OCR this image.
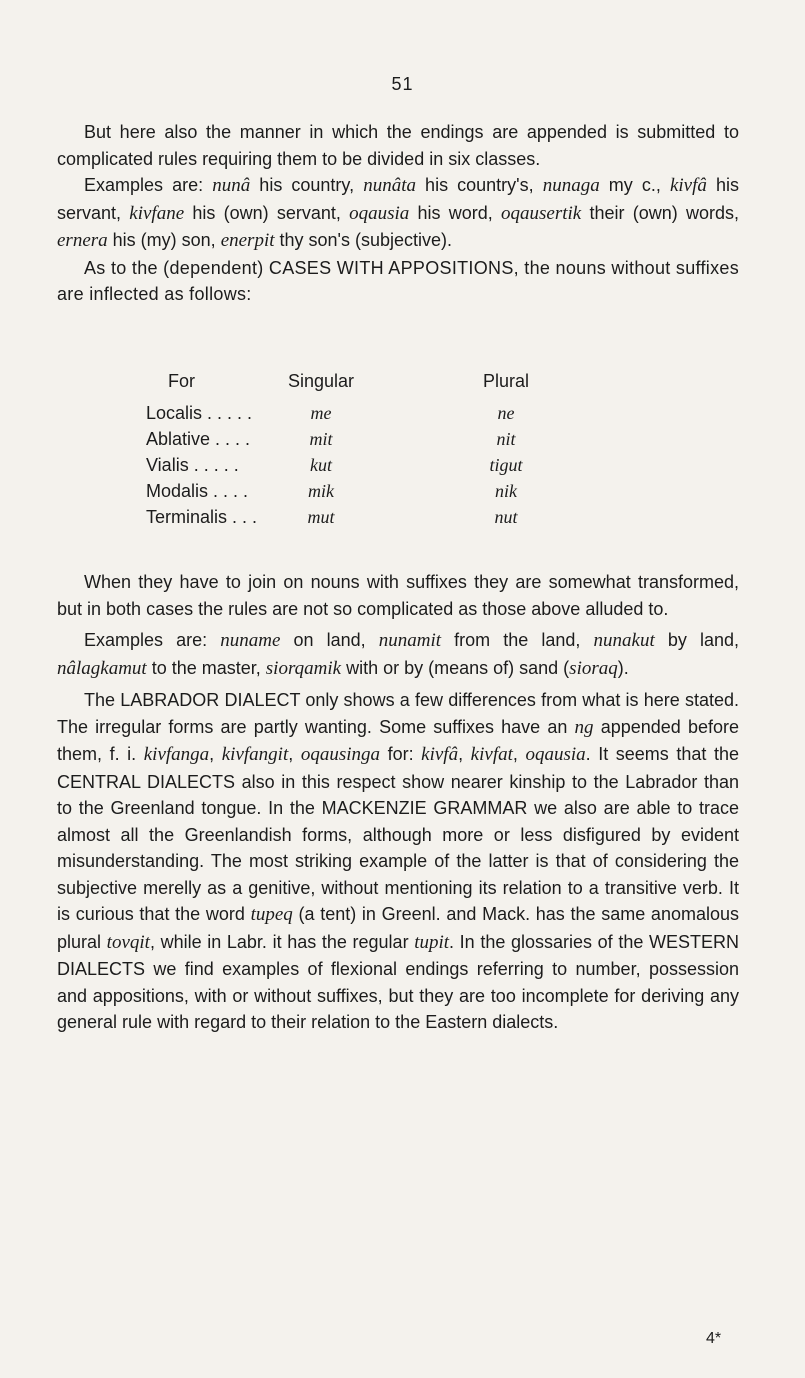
51

But here also the manner in which the endings are appended is submitted to complicated rules requiring them to be divided in six classes.

Examples are: nunâ his country, nunâta his country's, nunaga my c., kivfâ his servant, kivfane his (own) servant, oqausia his word, oqausertik their (own) words, ernera his (my) son, enerpit thy son's (subjective).

As to the (dependent) CASES WITH APPOSITIONS, the nouns without suffixes are inflected as follows:

For	Singular	Plural
Localis . . . . .	me	ne
Ablative . . . .	mit	nit
Vialis . . . . .	kut	tigut
Modalis . . . .	mik	nik
Terminalis . . .	mut	nut

When they have to join on nouns with suffixes they are somewhat transformed, but in both cases the rules are not so complicated as those above alluded to.

Examples are: nuname on land, nunamit from the land, nunakut by land, nâlagkamut to the master, siorqamik with or by (means of) sand (sioraq).

The LABRADOR DIALECT only shows a few differences from what is here stated. The irregular forms are partly wanting. Some suffixes have an ng appended before them, f. i. kivfanga, kivfangit, oqausinga for: kivfâ, kivfat, oqausia. It seems that the CENTRAL DIALECTS also in this respect show nearer kinship to the Labrador than to the Greenland tongue. In the MACKENZIE GRAMMAR we also are able to trace almost all the Greenlandish forms, although more or less disfigured by evident misunderstanding. The most striking example of the latter is that of considering the subjective merelly as a genitive, without mentioning its relation to a transitive verb. It is curious that the word tupeq (a tent) in Greenl. and Mack. has the same anomalous plural tovqit, while in Labr. it has the regular tupit. In the glossaries of the WESTERN DIALECTS we find examples of flexional endings referring to number, possession and appositions, with or without suffixes, but they are too incomplete for deriving any general rule with regard to their relation to the Eastern dialects.

4*
